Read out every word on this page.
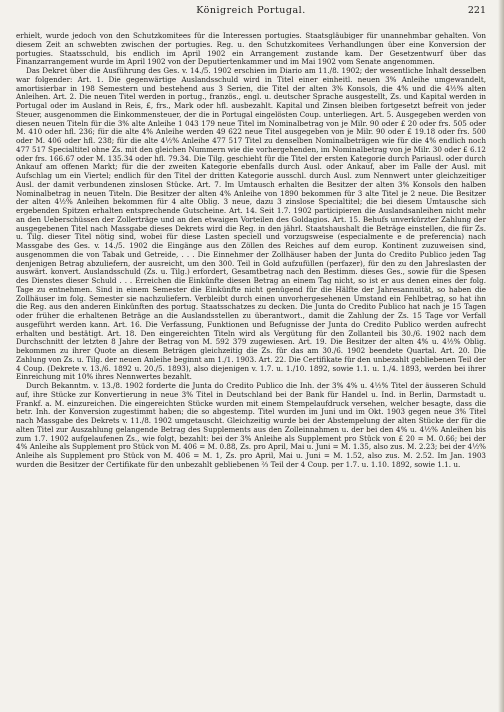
Königreich Portugal.	221

erhielt, wurde jedoch von den Schutzkomitees für die Interessen portugies. Staatsgläubiger für unannehmbar gehalten. Von diesem Zeit an schwebten zwischen der portugies. Reg. u. den Schutzkomitees Verhandlungen über eine Konversion der portugies. Staatsschuld, bis endlich im April 1902 ein Arrangement zustande kam. Der Gesetzentwurf über das Finanzarrangement wurde im April 1902 von der Deputiertenkammer und im Mai 1902 vom Senate angenommen.

Das Dekret über die Ausführung des Ges. v. 14./5. 1902 erschien im Diario am 11./8. 1902; der wesentliche Inhalt desselben war folgender: Art. 1. Die gegenwärtige Auslandsschuld wird in Titel einer einheitl. neuen 3% Anleihe umgewandelt, amortisierbar in 198 Semestern und bestehend aus 3 Serien, die Titel der alten 3% Konsols, die 4% und die 4½% alten Anleihen. Art. 2. Die neuen Titel werden in portug., französ., engl. u. deutscher Sprache ausgestellt, Zs. und Kapital werden in Portugal oder im Ausland in Reis, £, frs., Mark oder hfl. ausbezahlt. Kapital und Zinsen bleiben fortgesetzt befreit von jeder Steuer, ausgenommen die Einkommensteuer, der die in Portugal eingelösten Coup. unterliegen. Art. 5. Ausgegeben werden von diesen neuen Titeln für die 3% alte Anleihe 1 043 179 neue Titel im Nominalbetrag von je Milr. 90 oder £ 20 oder frs. 505 oder M. 410 oder hfl. 236; für die alte 4% Anleihe werden 49 622 neue Titel ausgegeben von je Milr. 90 oder £ 19.18 oder frs. 500 oder M. 406 oder hfl. 238; für die alte 4½% Anleihe 477 517 Titel zu denselben Nominalbeträgen wie für die 4% endlich noch 477 517 Specialtitel ohne Zs. mit den gleichen Nummern wie die vorhergehenden, im Nominalbetrag von je Milr. 30 oder £ 6.12 oder frs. 166.67 oder M. 135.34 oder hfl. 79.34. Die Tilg. geschieht für die Titel der ersten Kategorie durch Pariausl. oder durch Ankauf am offenen Markt; für die der zweiten Kategorie ebenfalls durch Ausl. oder Ankauf, aber im Falle der Ausl. mit Aufschlag um ein Viertel; endlich für den Titel der dritten Kategorie ausschl. durch Ausl. zum Nennwert unter gleichzeitiger Ausl. der damit verbundenen zinslosen Stücke. Art. 7. Im Umtausch erhalten die Besitzer der alten 3% Konsols den halben Nominalbetrag in neuen Titeln. Die Besitzer der alten 4% Anleihe von 1890 bekommen für 3 alte Titel je 2 neue. Die Besitzer der alten 4½% Anleihen bekommen für 4 alte Oblig. 3 neue, dazu 3 zinslose Specialtitel; die bei diesem Umtausche sich ergebenden Spitzen erhalten entsprechende Gutscheine. Art. 14. Seit 1.7. 1902 participieren die Auslandsanleihen nicht mehr an den Ueberschüssen der Zollerträge und an den etwaigen Vorteilen des Goldagios. Art. 15. Behufs unverkürzter Zahlung der ausgegebenen Titel nach Massgabe dieses Dekrets wird die Reg. in den jährl. Staatshaushalt die Beträge einstellen, die für Zs. u. Tilg. dieser Titel nötig sind, wobei für diese Lasten speciell und vorzugsweise (especialmente e de preferencia) nach Massgabe des Ges. v. 14./5. 1902 die Eingänge aus den Zöllen des Reiches auf dem europ. Kontinent zuzuweisen sind, ausgenommen die von Tabak und Getreide, . . . Die Einnehmer der Zollhäuser haben der Junta do Credito Publico jeden Tag denjenigen Betrag abzuliefern, der ausreicht, um den 300. Teil in Gold aufzufüllen (perfazer), für den zu den Jahreslasten der auswärt. konvert. Auslandsschuld (Zs. u. Tilg.) erfordert, Gesamtbetrag nach den Bestimm. dieses Ges., sowie für die Spesen des Dienstes dieser Schuld . . . Erreichen die Einkünfte diesen Betrag an einem Tag nicht, so ist er aus denen eines der folg. Tage zu entnehmen. Sind in einem Semester die Einkünfte nicht genügend für die Hälfte der Jahresannuität, so haben die Zollhäuser im folg. Semester sie nachzuliefern. Verbleibt durch einen unvorhergesehenen Umstand ein Fehlbetrag, so hat ihn die Reg. aus den anderen Einkünften des portug. Staatsschatzes zu decken. Die Junta do Credito Publico hat nach je 15 Tagen oder früher die erhaltenen Beträge an die Auslandsstellen zu überantwort., damit die Zahlung der Zs. 15 Tage vor Verfall ausgeführt werden kann. Art. 16. Die Verfassung, Funktionen und Befugnisse der Junta do Credito Publico werden aufrecht erhalten und bestätigt. Art. 18. Den eingereichten Titeln wird als Vergütung für den Zollanteil bis 30./6. 1902 nach dem Durchschnitt der letzten 8 Jahre der Betrag von M. 592 379 zugewiesen. Art. 19. Die Besitzer der alten 4% u. 4½% Oblig. bekommen zu ihrer Quote an diesem Beträgen gleichzeitig die Zs. für das am 30./6. 1902 beendete Quartal. Art. 20. Die Zahlung von Zs. u. Tilg. der neuen Anleihe beginnt am 1./1. 1903. Art. 22. Die Certifikate für den unbezahlt gebliebenen Teil der 4 Coup. (Dekrete v. 13./6. 1892 u. 20./5. 1893), also diejenigen v. 1.7. u. 1./10. 1892, sowie 1.1. u. 1./4. 1893, werden bei ihrer Einreichung mit 10% ihres Nennwertes bezahlt.

Durch Bekanntm. v. 13./8. 1902 forderte die Junta do Credito Publico die Inh. der 3% 4% u. 4½% Titel der äusseren Schuld auf, ihre Stücke zur Konvertierung in neue 3% Titel in Deutschland bei der Bank für Handel u. Ind. in Berlin, Darmstadt u. Frankf. a. M. einzureichen. Die eingereichten Stücke wurden mit einem Stempelaufdruck versehen, welcher besagte, dass die betr. Inh. der Konversion zugestimmt haben; die so abgestemp. Titel wurden im Juni und im Okt. 1903 gegen neue 3% Titel nach Massgabe des Dekrets v. 11./8. 1902 umgetauscht. Gleichzeitig wurde bei der Abstempelung der alten Stücke der für die alten Titel zur Auszahlung gelangende Betrag des Supplements aus den Zolleinnahmen u. der bei den 4% u. 4½% Anleihen bis zum 1.7. 1902 aufgelaufenen Zs., wie folgt, bezahlt: bei der 3% Anleihe als Supplement pro Stück von £ 20 = M. 0.66; bei der 4% Anleihe als Supplement pro Stück von M. 406 = M. 0.88, Zs. pro April, Mai u. Juni = M. 1.35, also zus. M. 2.23; bei der 4½% Anleihe als Supplement pro Stück von M. 406 = M. 1, Zs. pro April, Mai u. Juni = M. 1.52, also zus. M. 2.52. Im Jan. 1903 wurden die Besitzer der Certifikate für den unbezahlt gebliebenen ⅔ Teil der 4 Coup. per 1.7. u. 1.10. 1892, sowie 1.1. u.
